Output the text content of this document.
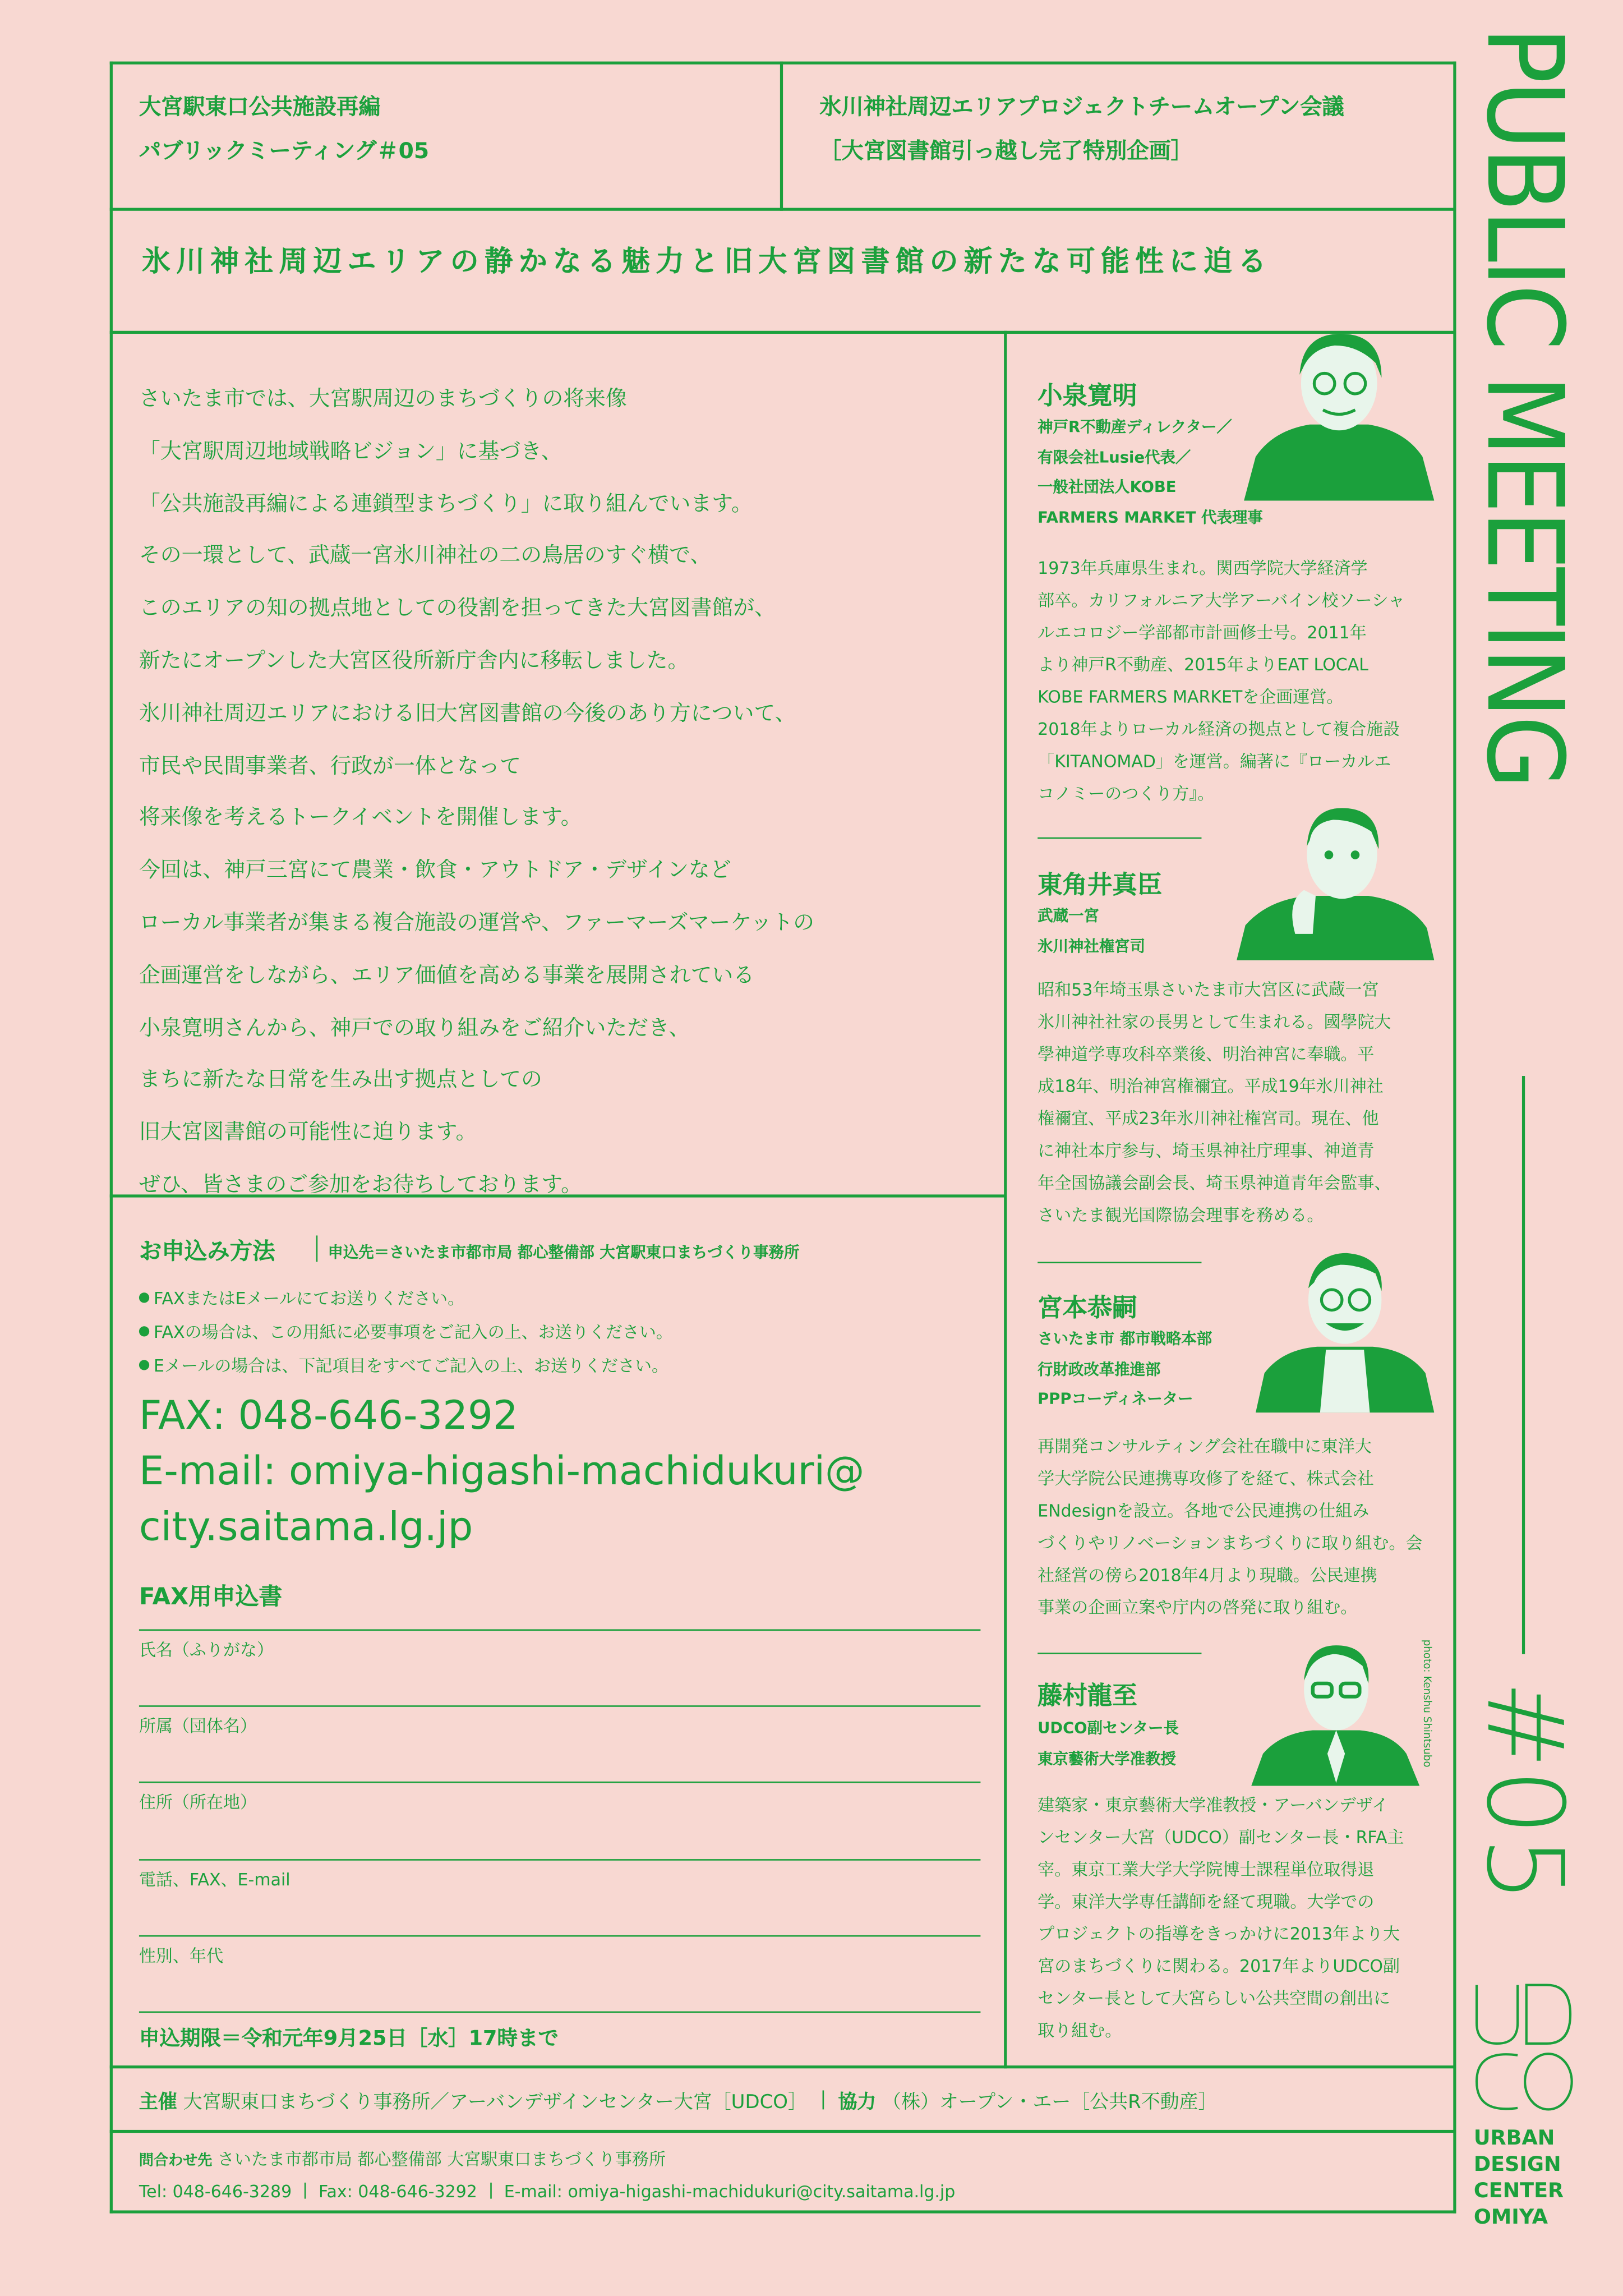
大宮駅東口公共施設再編
パブリックミーティング＃05
氷川神社周辺エリアプロジェクトチームオープン会議
［大宮図書館引っ越し完了特別企画］
氷川神社周辺エリアの静かなる魅力と旧大宮図書館の新たな可能性に迫る
さいたま市では、大宮駅周辺のまちづくりの将来像
「大宮駅周辺地域戦略ビジョン」に基づき、
「公共施設再編による連鎖型まちづくり」に取り組んでいます。
その一環として、武蔵一宮氷川神社の二の鳥居のすぐ横で、
このエリアの知の拠点地としての役割を担ってきた大宮図書館が、
新たにオープンした大宮区役所新庁舎内に移転しました。
氷川神社周辺エリアにおける旧大宮図書館の今後のあり方について、
市民や民間事業者、行政が一体となって
将来像を考えるトークイベントを開催します。
今回は、神戸三宮にて農業・飲食・アウトドア・デザインなど
ローカル事業者が集まる複合施設の運営や、ファーマーズマーケットの
企画運営をしながら、エリア価値を高める事業を展開されている
小泉寛明さんから、神戸での取り組みをご紹介いただき、
まちに新たな日常を生み出す拠点としての
旧大宮図書館の可能性に迫ります。
ぜひ、皆さまのご参加をお待ちしております。
お申込み方法	申込先＝さいたま市都市局 都心整備部 大宮駅東口まちづくり事務所
FAXまたはEメールにてお送りください。
FAXの場合は、この用紙に必要事項をご記入の上、お送りください。
Eメールの場合は、下記項目をすべてご記入の上、お送りください。
FAX: 048-646-3292
E-mail: omiya-higashi-machidukuri@
city.saitama.lg.jp
FAX用申込書
氏名（ふりがな）
所属（団体名）
住所（所在地）
電話、FAX、E-mail
性別、年代
申込期限＝令和元年9月25日［水］17時まで
小泉寛明
神戸R不動産ディレクター／
有限会社Lusie代表／
一般社団法人KOBE
FARMERS MARKET 代表理事
1973年兵庫県生まれ。関西学院大学経済学
部卒。カリフォルニア大学アーバイン校ソーシャ
ルエコロジー学部都市計画修士号。2011年
より神戸R不動産、2015年よりEAT LOCAL
KOBE FARMERS MARKETを企画運営。
2018年よりローカル経済の拠点として複合施設
「KITANOMAD」を運営。編著に『ローカルエ
コノミーのつくり方』。
東角井真臣
武蔵一宮
氷川神社権宮司
昭和53年埼玉県さいたま市大宮区に武蔵一宮
氷川神社社家の長男として生まれる。國學院大
學神道学専攻科卒業後、明治神宮に奉職。平
成18年、明治神宮権禰宜。平成19年氷川神社
権禰宜、平成23年氷川神社権宮司。現在、他
に神社本庁参与、埼玉県神社庁理事、神道青
年全国協議会副会長、埼玉県神道青年会監事、
さいたま観光国際協会理事を務める。
宮本恭嗣
さいたま市 都市戦略本部
行財政改革推進部
PPPコーディネーター
再開発コンサルティング会社在職中に東洋大
学大学院公民連携専攻修了を経て、株式会社
ENdesignを設立。各地で公民連携の仕組み
づくりやリノベーションまちづくりに取り組む。会
社経営の傍ら2018年4月より現職。公民連携
事業の企画立案や庁内の啓発に取り組む。
藤村龍至
UDCO副センター長
東京藝術大学准教授	photo: Kenshu Shintsubo
建築家・東京藝術大学准教授・アーバンデザイ
ンセンター大宮（UDCO）副センター長・RFA主
宰。東京工業大学大学院博士課程単位取得退
学。東洋大学専任講師を経て現職。大学での
プロジェクトの指導をきっかけに2013年より大
宮のまちづくりに関わる。2017年よりUDCO副
センター長として大宮らしい公共空間の創出に
取り組む。
主催 大宮駅東口まちづくり事務所／アーバンデザインセンター大宮［UDCO］	協力 （株）オープン・エー［公共R不動産］
問合わせ先 さいたま市都市局 都心整備部 大宮駅東口まちづくり事務所
Tel: 048-646-3289	Fax: 048-646-3292	E-mail: omiya-higashi-machidukuri@city.saitama.lg.jp
PUBLIC MEETING
#05
URBAN
DESIGN
CENTER
OMIYA
